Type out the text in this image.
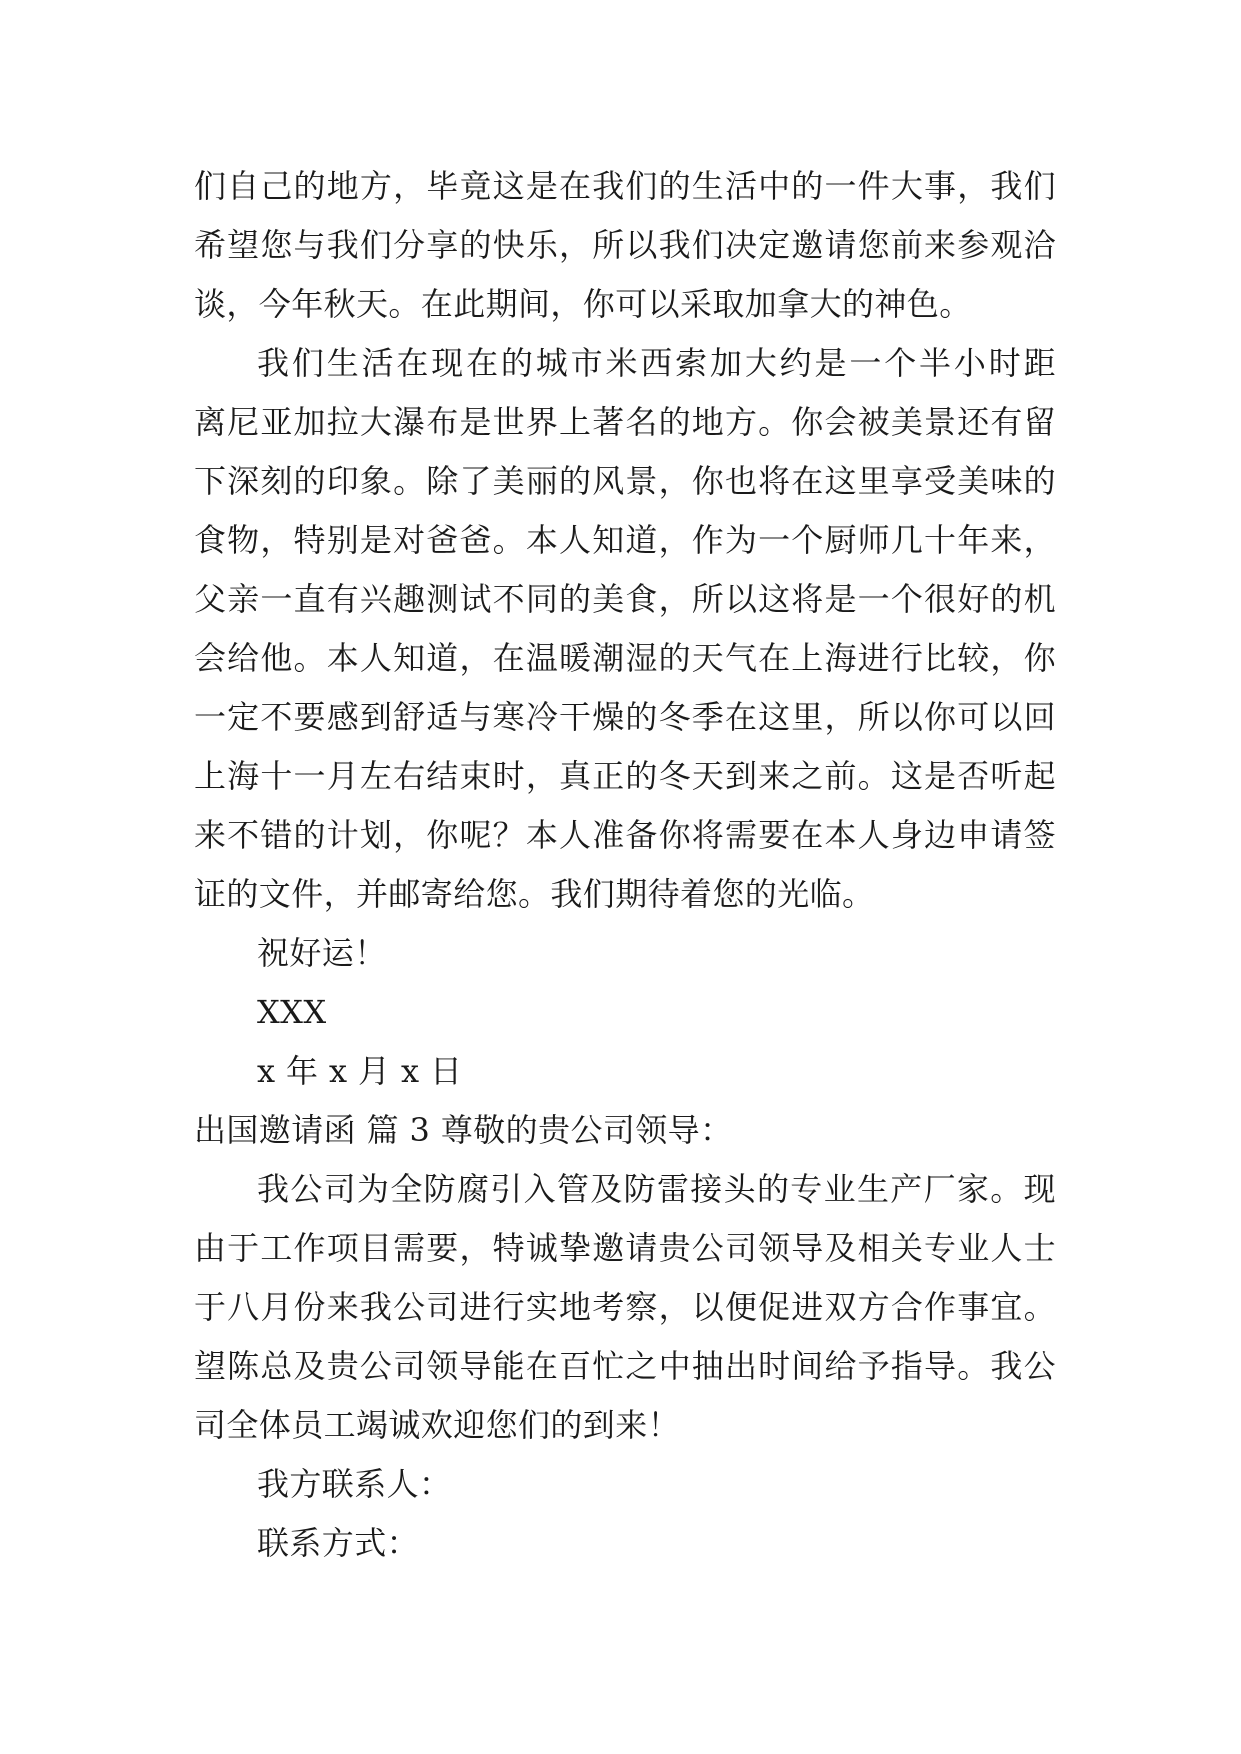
们自己的地方，毕竟这是在我们的生活中的一件大事，我们
希望您与我们分享的快乐，所以我们决定邀请您前来参观洽
谈，今年秋天。在此期间，你可以采取加拿大的神色。
我们生活在现在的城市米西索加大约是一个半小时距
离尼亚加拉大瀑布是世界上著名的地方。你会被美景还有留
下深刻的印象。除了美丽的风景，你也将在这里享受美味的
食物，特别是对爸爸。本人知道，作为一个厨师几十年来，
父亲一直有兴趣测试不同的美食，所以这将是一个很好的机
会给他。本人知道，在温暖潮湿的天气在上海进行比较，你
一定不要感到舒适与寒冷干燥的冬季在这里，所以你可以回
上海十一月左右结束时，真正的冬天到来之前。这是否听起
来不错的计划，你呢？本人准备你将需要在本人身边申请签
证的文件，并邮寄给您。我们期待着您的光临。
祝好运！
XXX
x 年 x 月 x 日
出国邀请函 篇 3 尊敬的贵公司领导：
我公司为全防腐引入管及防雷接头的专业生产厂家。现
由于工作项目需要，特诚挚邀请贵公司领导及相关专业人士
于八月份来我公司进行实地考察，以便促进双方合作事宜。
望陈总及贵公司领导能在百忙之中抽出时间给予指导。我公
司全体员工竭诚欢迎您们的到来！
我方联系人：
联系方式：
